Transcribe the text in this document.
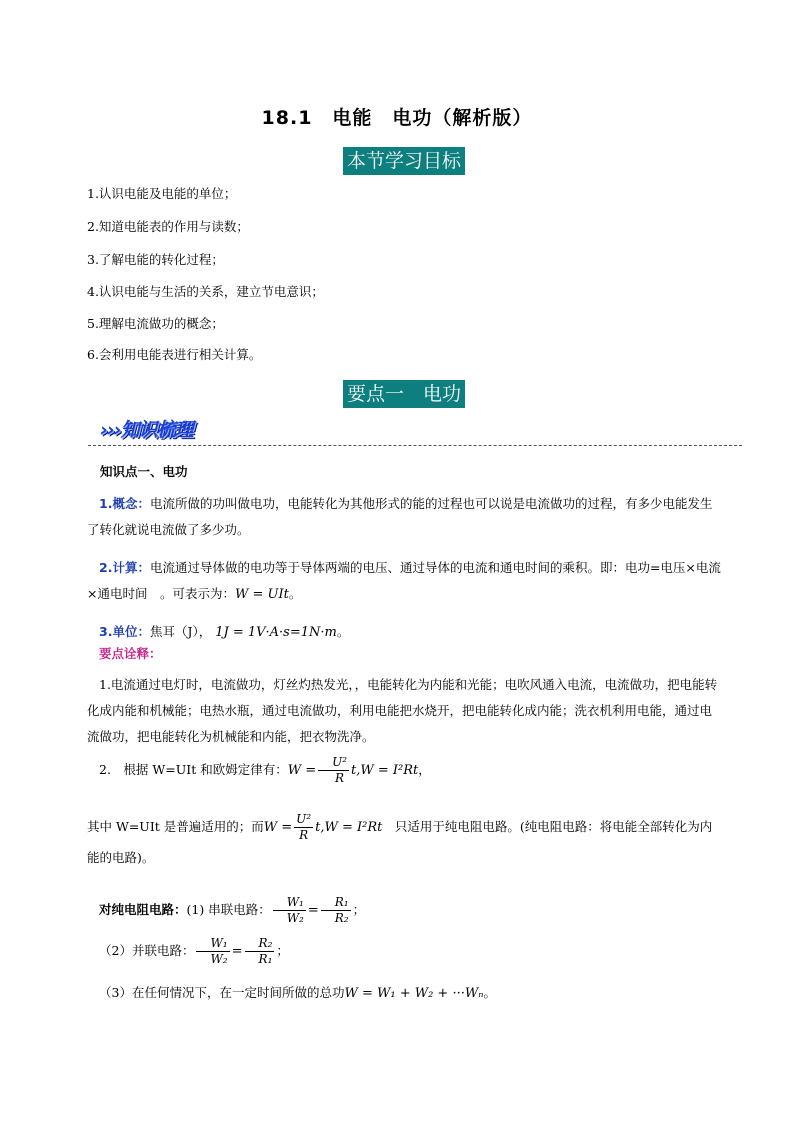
18.1　电能　电功（解析版）
本节学习目标
1.认识电能及电能的单位；
2.知道电能表的作用与读数；
3.了解电能的转化过程；
4.认识电能与生活的关系，建立节电意识；
5.理解电流做功的概念；
6.会利用电能表进行相关计算。
要点一　电功
›››知识梳理
知识点一、电功
1.概念：电流所做的功叫做电功，电能转化为其他形式的能的过程也可以说是电流做功的过程，有多少电能发生了转化就说电流做了多少功。
2.计算：电流通过导体做的电功等于导体两端的电压、通过导体的电流和通电时间的乘积。即：电功=电压×电流×通电时间　。可表示为：W = UIt。
3.单位：焦耳（J）， 1J = 1V·A·s=1N·m。
要点诠释：
1.电流通过电灯时，电流做功，灯丝灼热发光，，电能转化为内能和光能；电吹风通入电流，电流做功，把电能转化成内能和机械能；电热水瓶，通过电流做功，利用电能把水烧开，把电能转化成内能；洗衣机利用电能，通过电流做功，把电能转化为机械能和内能，把衣物洗净。
2.　根据 W=UIt 和欧姆定律有：$W = \frac{\text{U²}}{R} t,W = I^2Rt$，
其中 W=UIt 是普遍适用的；而$W = \frac{\text{U²}}{R} t,W = I^2Rt$　只适用于纯电阻电路。(纯电阻电路：将电能全部转化为内能的电路)。
对纯电阻电路：(1) 串联电路： $\frac{\text{W₁}}{\text{W₂}} = \frac{\text{R₁}}{\text{R₂}}$ ；
（2）并联电路： $\frac{\text{W₁}}{\text{W₂}} = \frac{\text{R₂}}{\text{R₁}}$ ；
（3）在任何情况下，在一定时间所做的总功W = W₁ + W₂ + ···Wₙ。
